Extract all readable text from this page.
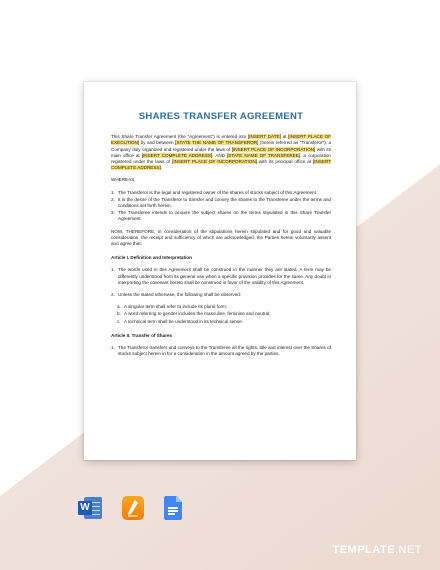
SHARES TRANSFER AGREEMENT

This Share Transfer Agreement (the "Agreement") is entered into [INSERT DATE] at [INSERT PLACE OF EXECUTION] by and between [STATE THE NAME OF TRANSFEROR] (herein referred as "Transferor"), a Company duly organized and registered under the laws of [INSERT PLACE OF INCORPORATION] with its main office at [INSERT COMPLETE ADDRESS], AND [STATE NAME OF TRANSFEREE], a corporation registered under the laws of [INSERT PLACE OF INCORPORATION] with its principal office at [INSERT COMPLETE ADDRESS].

WHEREAS,

1. The Transferor is the legal and registered owner of the shares of stocks subject of this Agreement.
2. It is the desire of the Transferor to transfer and convey the shares to the Transferee under the terms and conditions set forth herein.
3. The Transferee intends to acquire the subject shares on the terms stipulated in this Share Transfer Agreement.

NOW, THEREFORE, in consideration of the stipulations herein stipulated and for good and valuable consideration, the receipt and sufficiency of which are acknowledged, the Parties herein voluntarily assent and agree that:

Article I. Definition and Interpretation
1. The words used in this Agreement shall be construed in the manner they are stated. A term may be differently understood from its general use when a specific provision provides for the same. Any doubt in interpreting the covenant hereto shall be construed in favor of the validity of this Agreement.
2. Unless the stated otherwise, the following shall be observed:
a. A singular term shall refer to include its plural form;
b. A word referring to gender includes the masculine, feminine and neutral;
c. A technical term shall be understood in its technical sense.
Article II. Transfer of Shares
1. The Transferor transfers and conveys to the Transferee all the rights, title and interest over the Shares of stocks subject herein in for a consideration in the amount agreed by the parties.
W
TEMPLATE.NET
